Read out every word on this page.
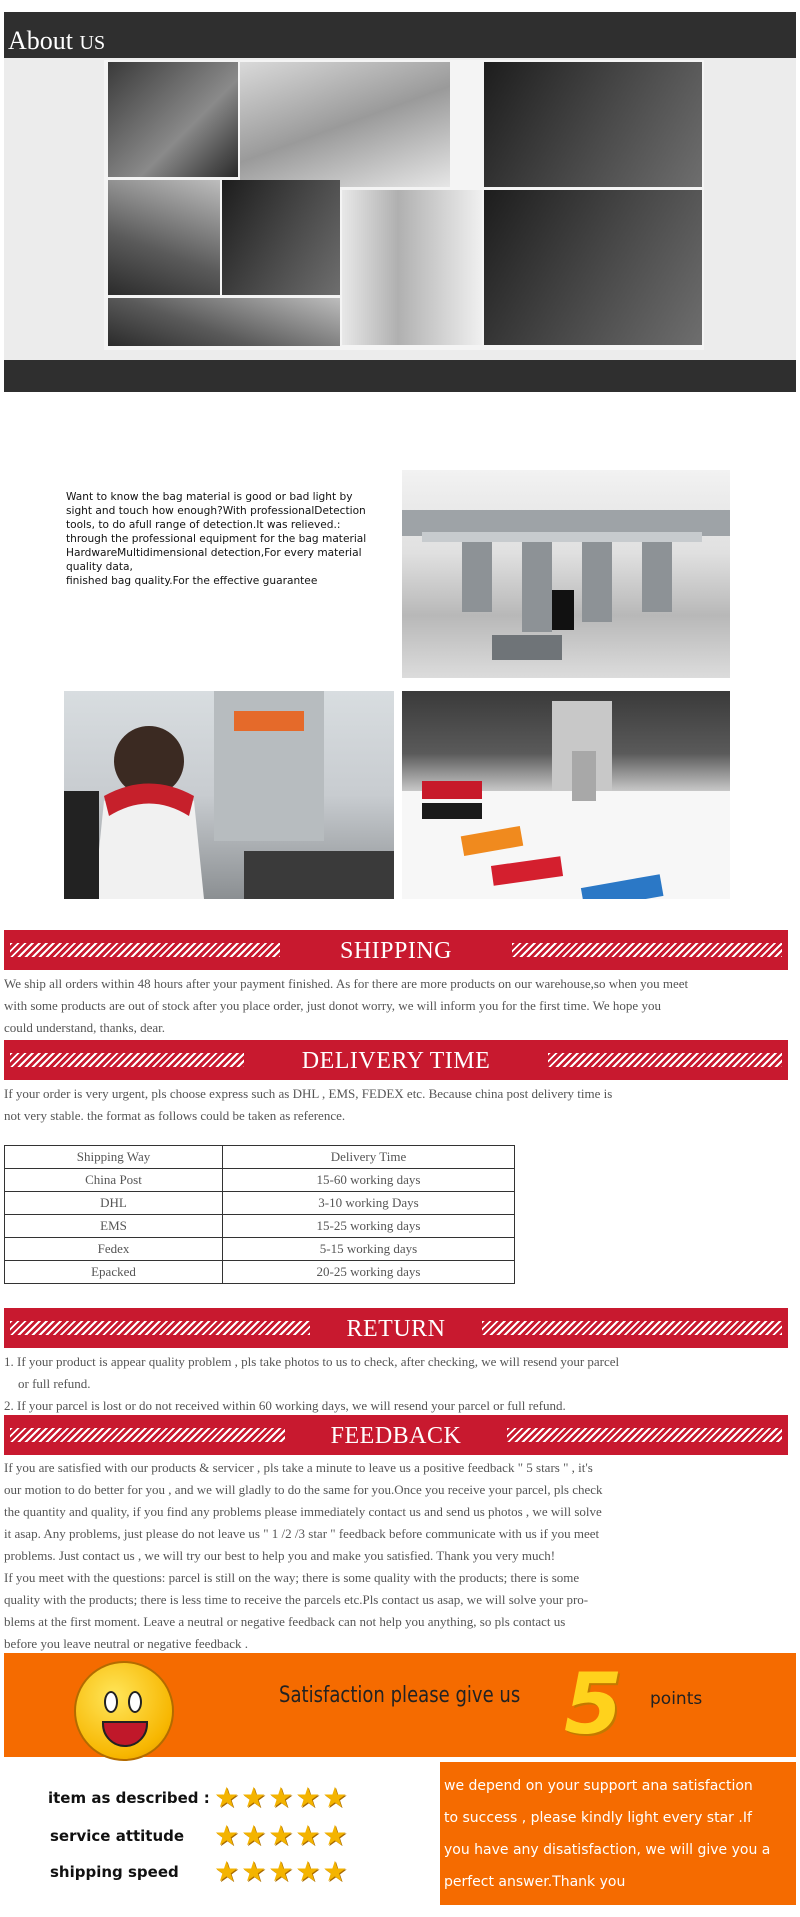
About US

Want to know the bag material is good or bad light by

sight and touch how enough?With professionalDetection

tools, to do afull range of detection.It was relieved.:

through the professional equipment for the bag material

HardwareMultidimensional detection,For every material

quality data,

finished bag quality.For the effective guarantee

SHIPPING

We ship all orders within 48 hours after your payment finished. As for there are more products on our warehouse,so when you meet

with some products are out of stock after you place order, just donot worry, we will inform you for the first time. We hope you

could understand, thanks, dear.

DELIVERY TIME

If your order is very urgent, pls choose express such as DHL , EMS, FEDEX etc. Because china post delivery time is

not very stable. the format as follows could be taken as reference.

Shipping Way	Delivery Time
China Post	15-60 working days
DHL	3-10 working Days
EMS	15-25 working days
Fedex	5-15 working days
Epacked	20-25 working days
RETURN

1. If your product is appear quality problem , pls take photos to us to check, after checking, we will resend your parcel

or full refund.

2. If your parcel is lost or do not received within 60 working days, we will resend your parcel or full refund.

FEEDBACK

If you are satisfied with our products & servicer , pls take a minute to leave us a positive feedback " 5 stars " , it's

our motion to do better for you , and we will gladly to do the same for you.Once you receive your parcel, pls check

the quantity and quality, if you find any problems please immediately contact us and send us photos , we will solve

it asap. Any problems, just please do not leave us " 1 /2 /3 star " feedback before communicate with us if you meet

problems. Just contact us , we will try our best to help you and make you satisfied. Thank you very much!

If you meet with the questions: parcel is still on the way; there is some quality with the products; there is some

quality with the products; there is less time to receive the parcels etc.Pls contact us asap, we will solve your pro-

blems at the first moment. Leave a neutral or negative feedback can not help you anything, so pls contact us

before you leave neutral or negative feedback .

Satisfaction please give us 5 points
item as described : ★★★★★
service attitude ★★★★★
shipping speed ★★★★★

we depend on your support ana satisfaction

to success , please kindly light every star .If

you have any disatisfaction, we will give you a

perfect answer.Thank you
